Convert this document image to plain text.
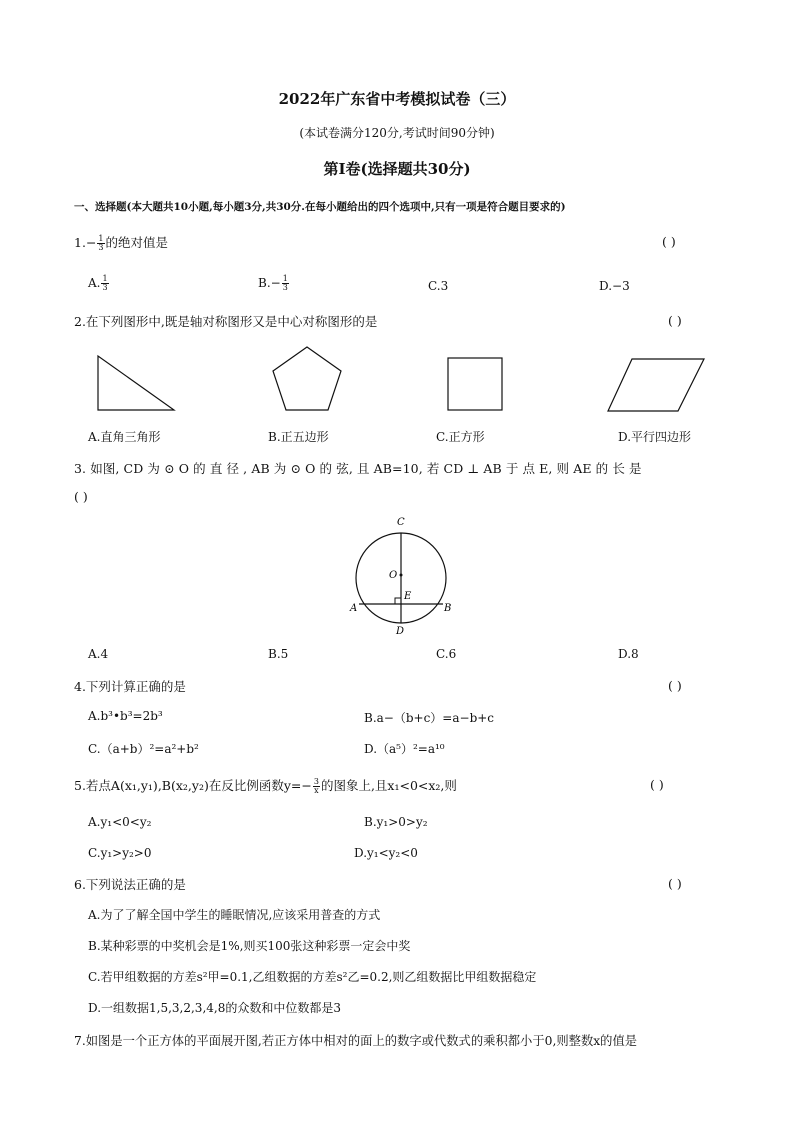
2022年广东省中考模拟试卷（三）
(本试卷满分120分,考试时间90分钟)
第Ⅰ卷(选择题共30分)
一、选择题(本大题共10小题,每小题3分,共30分.在每小题给出的四个选项中,只有一项是符合题目要求的)
$1.- \frac{1}{3}$ 的绝对值是	( )
A. $\frac{1}{3}$	$B.- \frac{1}{3}$	C.3	D.−3
2.在下列图形中,既是轴对称图形又是中心对称图形的是	( )
A.直角三角形	B.正五边形	C.正方形	D.平行四边形
3. 如图, CD 为 ⊙ O 的 直 径 , AB 为 ⊙ O 的 弦, 且 AB=10, 若 CD ⊥ AB 于 点 E, 则 AE 的 长 是
( )
C
O
E
A	B
D
A.4	B.5	C.6	D.8
4.下列计算正确的是	( )
A.b³•b³=2b³	B.a−（b+c）=a−b+c
C.（a+b）²=a²+b²	D.（a⁵）²=a¹⁰
5.若点A(x₁,y₁),B(x₂,y₂)在反比例函数$y=- \frac{3}{x}$ 的图象上,且x₁<0<x₂,则	( )
A.y₁<0<y₂	B.y₁>0>y₂
C.y₁>y₂>0	D.y₁<y₂<0
6.下列说法正确的是	( )
A.为了了解全国中学生的睡眠情况,应该采用普查的方式
B.某种彩票的中奖机会是1%,则买100张这种彩票一定会中奖
C.若甲组数据的方差s²甲=0.1,乙组数据的方差s²乙=0.2,则乙组数据比甲组数据稳定
D.一组数据1,5,3,2,3,4,8的众数和中位数都是3
7.如图是一个正方体的平面展开图,若正方体中相对的面上的数字或代数式的乘积都小于0,则整数x的值是
